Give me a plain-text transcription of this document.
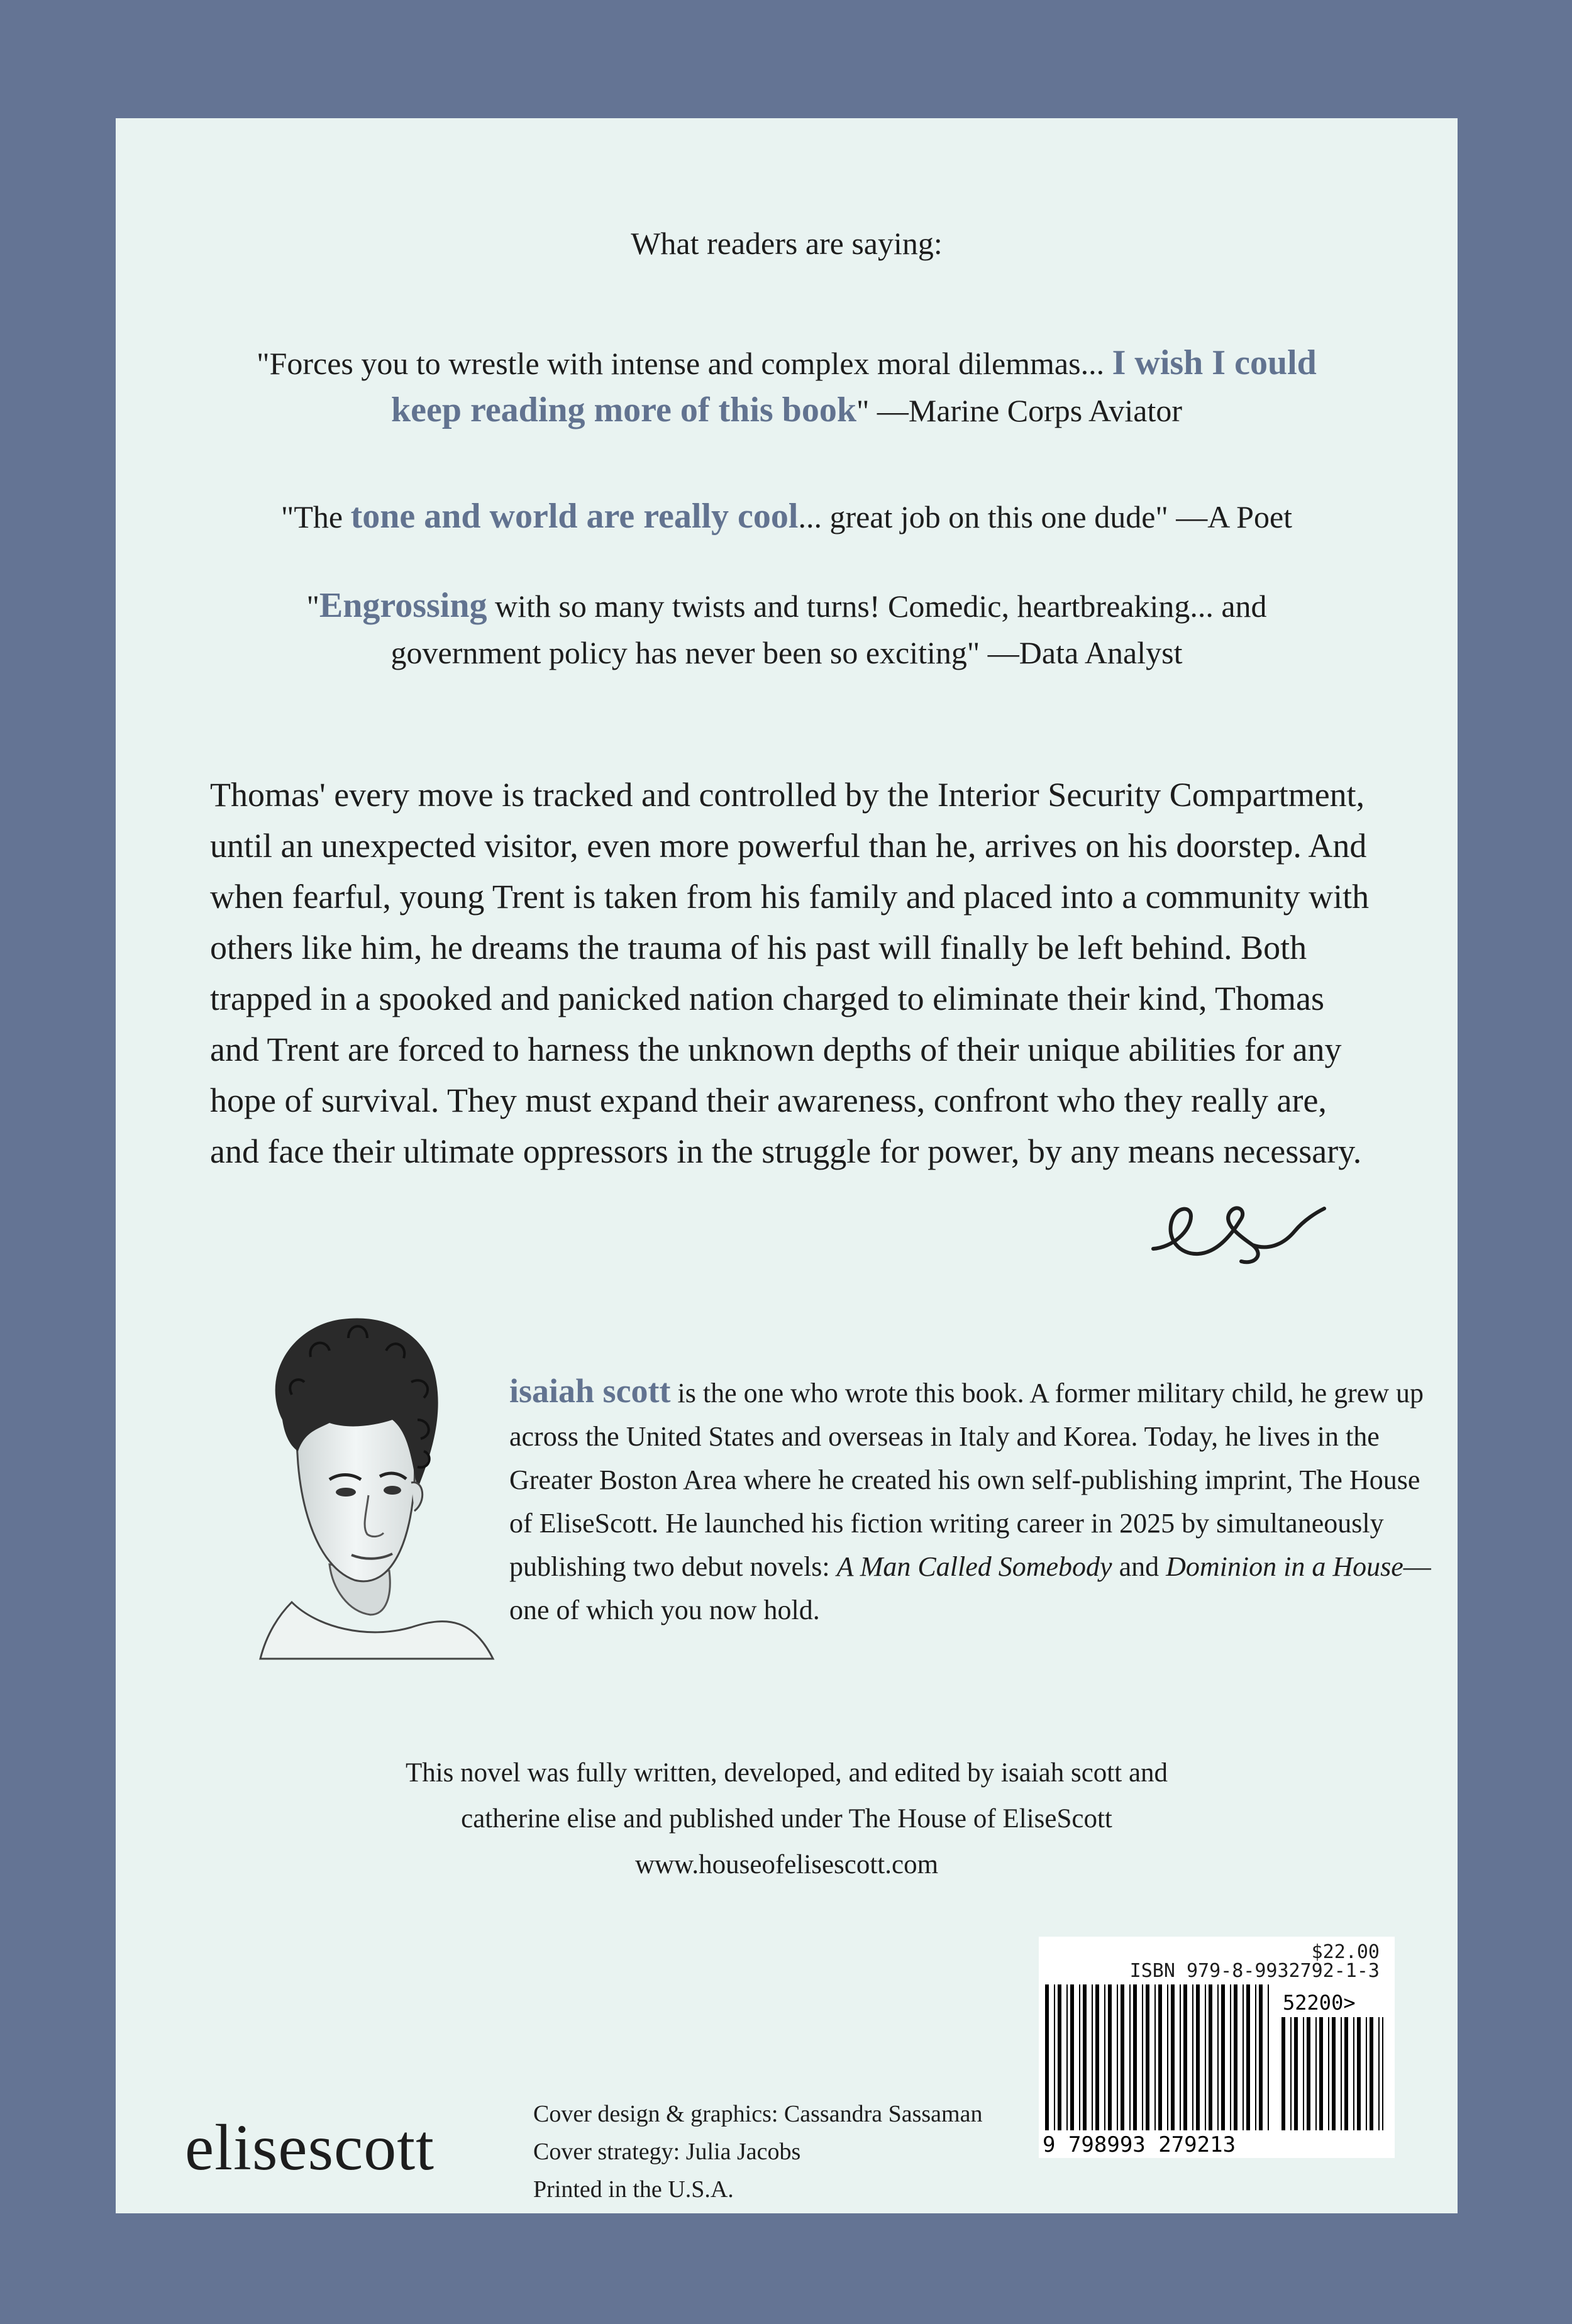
What readers are saying:
"Forces you to wrestle with intense and complex moral dilemmas... I wish I could
keep reading more of this book" —Marine Corps Aviator
"The tone and world are really cool... great job on this one dude" —A Poet
"Engrossing with so many twists and turns! Comedic, heartbreaking... and
government policy has never been so exciting" —Data Analyst

Thomas' every move is tracked and controlled by the Interior Security Compartment, until an unexpected visitor, even more powerful than he, arrives on his doorstep. And when fearful, young Trent is taken from his family and placed into a community with others like him, he dreams the trauma of his past will finally be left behind. Both trapped in a spooked and panicked nation charged to eliminate their kind, Thomas and Trent are forced to harness the unknown depths of their unique abilities for any hope of survival. They must expand their awareness, confront who they really are, and face their ultimate oppressors in the struggle for power, by any means necessary.

isaiah scott is the one who wrote this book. A former military child, he grew up across the United States and overseas in Italy and Korea. Today, he lives in the Greater Boston Area where he created his own self-publishing imprint, The House of EliseScott. He launched his fiction writing career in 2025 by simultaneously publishing two debut novels: A Man Called Somebody and Dominion in a House—one of which you now hold.

This novel was fully written, developed, and edited by isaiah scott and
catherine elise and published under The House of EliseScott
www.houseofelisescott.com
elisescott	Cover design & graphics: Cassandra Sassaman
Cover strategy: Julia Jacobs
Printed in the U.S.A.
$22.00
ISBN 979-8-9932792-1-3
9 798993 279213
52200>
